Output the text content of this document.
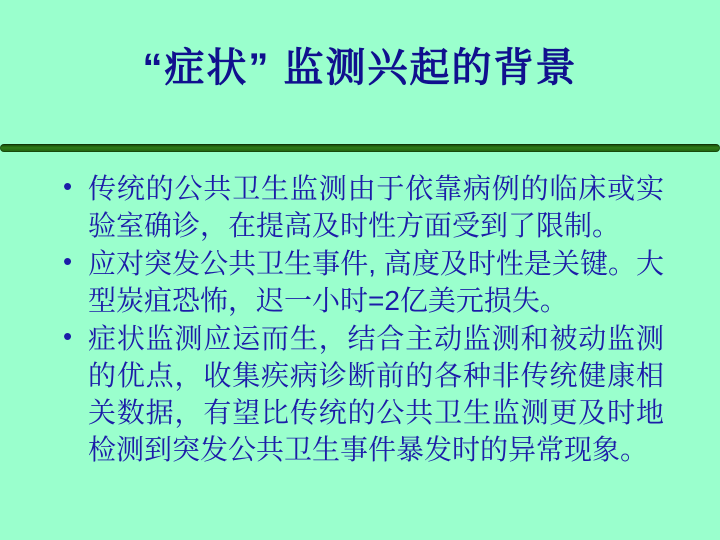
“症状” 监测兴起的背景
• 传统的公共卫生监测由于依靠病例的临床或实验室确诊，在提高及时性方面受到了限制。
• 应对突发公共卫生事件, 高度及时性是关键。大型炭疽恐怖，迟一小时=2亿美元损失。
• 症状监测应运而生，结合主动监测和被动监测的优点，收集疾病诊断前的各种非传统健康相关数据，有望比传统的公共卫生监测更及时地检测到突发公共卫生事件暴发时的异常现象。
